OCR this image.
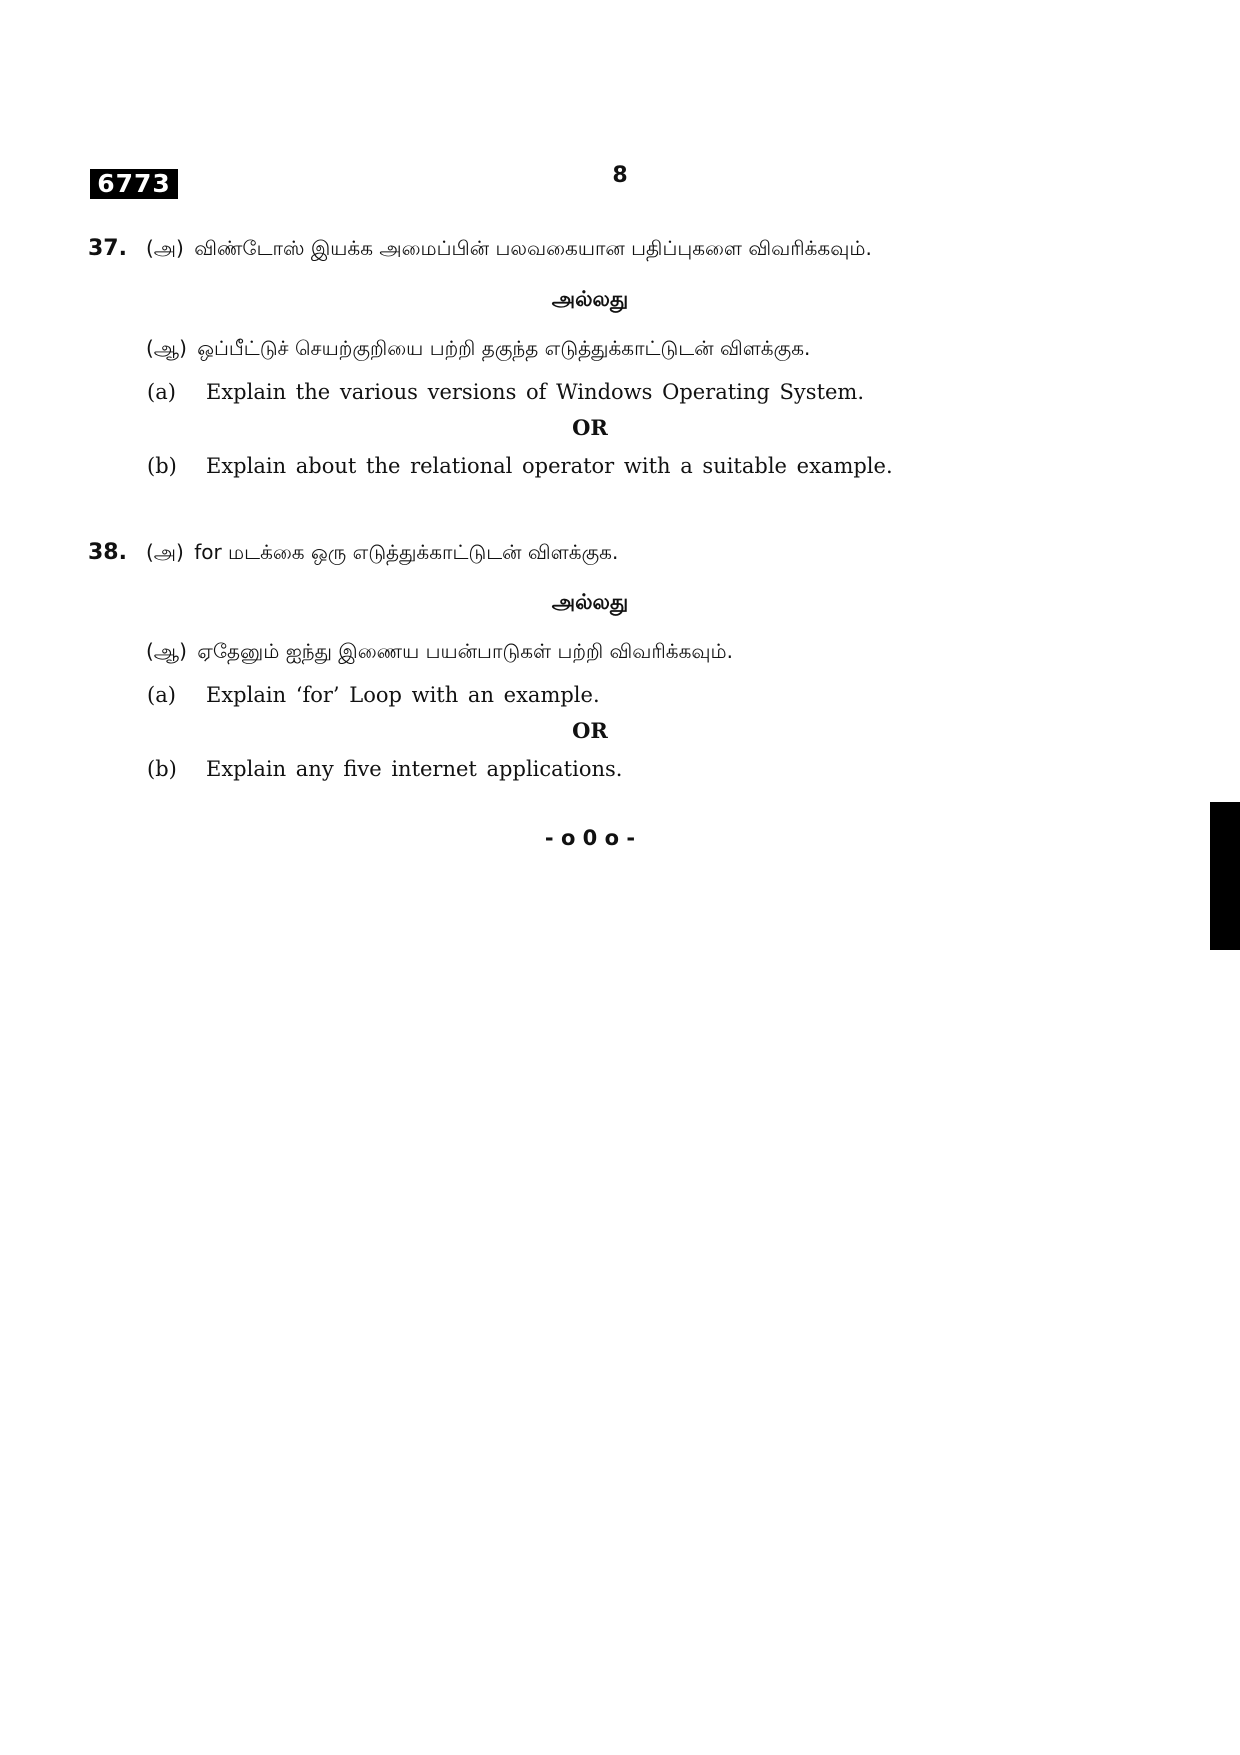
6773	8
37. (அ) விண்டோஸ் இயக்க அமைப்பின் பலவகையான பதிப்புகளை விவரிக்கவும்.
அல்லது
(ஆ) ஒப்பீட்டுச் செயற்குறியை பற்றி தகுந்த எடுத்துக்காட்டுடன் விளக்குக.
(a) Explain the various versions of Windows Operating System.
OR
(b) Explain about the relational operator with a suitable example.
38. (அ) for மடக்கை ஒரு எடுத்துக்காட்டுடன் விளக்குக.
அல்லது
(ஆ) ஏதேனும் ஐந்து இணைய பயன்பாடுகள் பற்றி விவரிக்கவும்.
(a) Explain ‘for’ Loop with an example.
OR
(b) Explain any five internet applications.
- o 0 o -
